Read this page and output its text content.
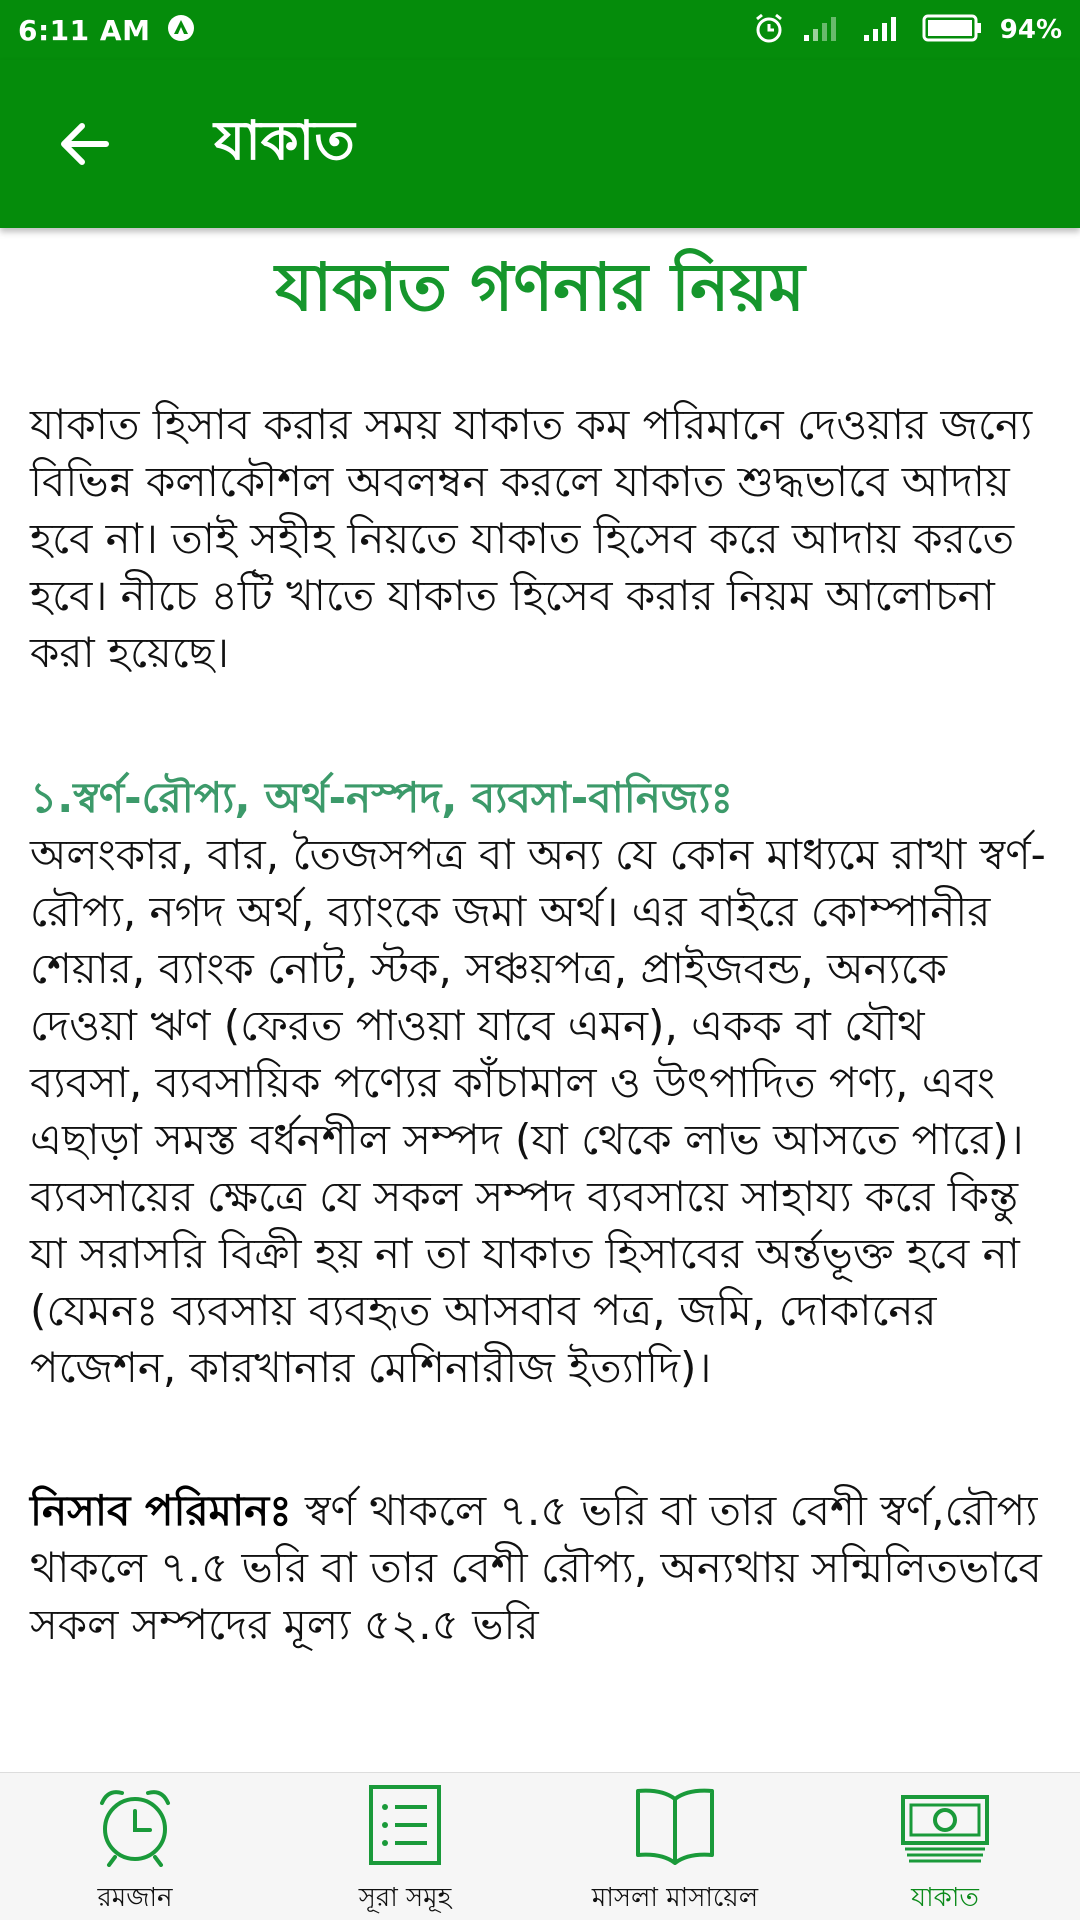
6:11 AM	94%
যাকাত
যাকাত গণনার নিয়ম

যাকাত হিসাব করার সময় যাকাত কম পরিমানে দেওয়ার জন্যে বিভিন্ন কলাকৌশল অবলম্বন করলে যাকাত শুদ্ধভাবে আদায় হবে না। তাই সহীহ নিয়তে যাকাত হিসেব করে আদায় করতে হবে। নীচে ৪টি খাতে যাকাত হিসেব করার নিয়ম আলোচনা করা হয়েছে।

১.স্বর্ণ-রৌপ্য, অর্থ-নস্পদ, ব্যবসা-বানিজ্যঃ

অলংকার, বার, তৈজসপত্র বা অন্য যে কোন মাধ্যমে রাখা স্বর্ণ-রৌপ্য, নগদ অর্থ, ব্যাংকে জমা অর্থ। এর বাইরে কোম্পানীর শেয়ার, ব্যাংক নোট, স্টক, সঞ্চয়পত্র, প্রাইজবন্ড, অন্যকে দেওয়া ঋণ (ফেরত পাওয়া যাবে এমন), একক বা যৌথ ব্যবসা, ব্যবসায়িক পণ্যের কাঁচামাল ও উৎপাদিত পণ্য, এবং এছাড়া সমস্ত বর্ধনশীল সম্পদ (যা থেকে লাভ আসতে পারে)। ব্যবসায়ের ক্ষেত্রে যে সকল সম্পদ ব্যবসায়ে সাহায্য করে কিন্তু যা সরাসরি বিক্রী হয় না তা যাকাত হিসাবের অর্ন্তভূক্ত হবে না (যেমনঃ ব্যবসায় ব্যবহৃত আসবাব পত্র, জমি, দোকানের পজেশন, কারখানার মেশিনারীজ ইত্যাদি)।

নিসাব পরিমানঃ স্বর্ণ থাকলে ৭.৫ ভরি বা তার বেশী স্বর্ণ,রৌপ্য থাকলে ৭.৫ ভরি বা তার বেশী রৌপ্য, অন্যথায় সন্মিলিতভাবে সকল সম্পদের মূল্য ৫২.৫ ভরি

রমজান	সূরা সমূহ	মাসলা মাসায়েল	যাকাত
